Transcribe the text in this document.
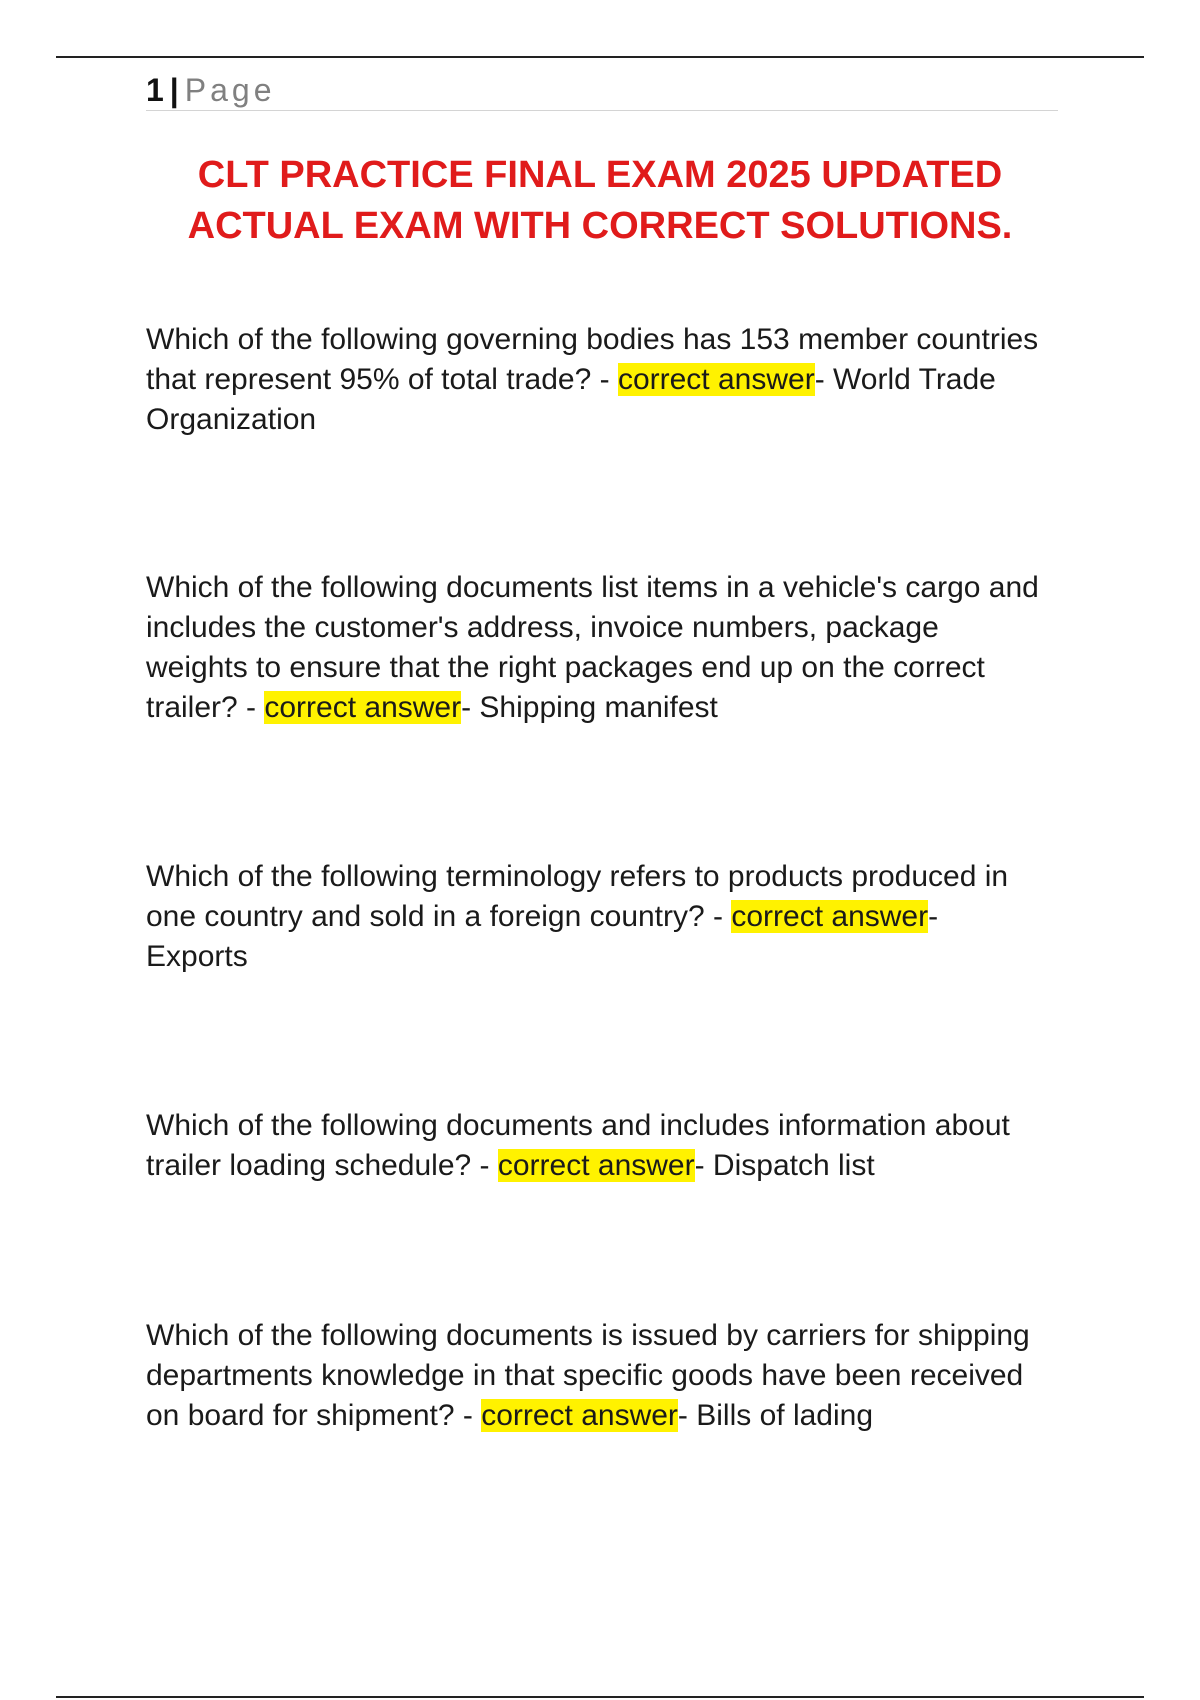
1 | Page
CLT PRACTICE FINAL EXAM 2025 UPDATED ACTUAL EXAM WITH CORRECT SOLUTIONS.

Which of the following governing bodies has 153 member countries that represent 95% of total trade? - correct answer- World Trade Organization

Which of the following documents list items in a vehicle's cargo and includes the customer's address, invoice numbers, package weights to ensure that the right packages end up on the correct trailer? - correct answer- Shipping manifest

Which of the following terminology refers to products produced in one country and sold in a foreign country? - correct answer- Exports

Which of the following documents and includes information about trailer loading schedule? - correct answer- Dispatch list

Which of the following documents is issued by carriers for shipping departments knowledge in that specific goods have been received on board for shipment? - correct answer- Bills of lading
